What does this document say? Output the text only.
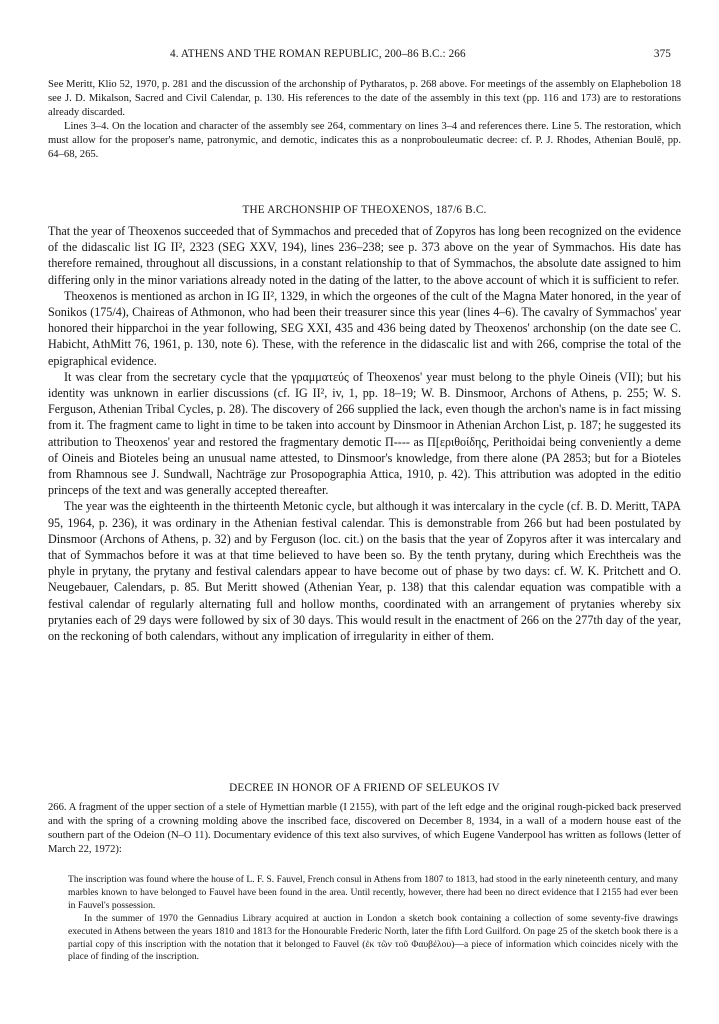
4. ATHENS AND THE ROMAN REPUBLIC, 200–86 B.C.: 266	375

See Meritt, Klio 52, 1970, p. 281 and the discussion of the archonship of Pytharatos, p. 268 above. For meetings of the assembly on Elaphebolion 18 see J. D. Mikalson, Sacred and Civil Calendar, p. 130. His references to the date of the assembly in this text (pp. 116 and 173) are to restorations already discarded.

Lines 3–4. On the location and character of the assembly see 264, commentary on lines 3–4 and references there. Line 5. The restoration, which must allow for the proposer's name, patronymic, and demotic, indicates this as a nonprobouleumatic decree: cf. P. J. Rhodes, Athenian Boulē, pp. 64–68, 265.

THE ARCHONSHIP OF THEOXENOS, 187/6 B.C.

That the year of Theoxenos succeeded that of Symmachos and preceded that of Zopyros has long been recognized on the evidence of the didascalic list IG II², 2323 (SEG XXV, 194), lines 236–238; see p. 373 above on the year of Symmachos. His date has therefore remained, throughout all discussions, in a constant relationship to that of Symmachos, the absolute date assigned to him differing only in the minor variations already noted in the dating of the latter, to the above account of which it is sufficient to refer.

Theoxenos is mentioned as archon in IG II², 1329, in which the orgeones of the cult of the Magna Mater honored, in the year of Sonikos (175/4), Chaireas of Athmonon, who had been their treasurer since this year (lines 4–6). The cavalry of Symmachos' year honored their hipparchoi in the year following, SEG XXI, 435 and 436 being dated by Theoxenos' archonship (on the date see C. Habicht, AthMitt 76, 1961, p. 130, note 6). These, with the reference in the didascalic list and with 266, comprise the total of the epigraphical evidence.

It was clear from the secretary cycle that the γραμματεύς of Theoxenos' year must belong to the phyle Oineis (VII); but his identity was unknown in earlier discussions (cf. IG II², iv, 1, pp. 18–19; W. B. Dinsmoor, Archons of Athens, p. 255; W. S. Ferguson, Athenian Tribal Cycles, p. 28). The discovery of 266 supplied the lack, even though the archon's name is in fact missing from it. The fragment came to light in time to be taken into account by Dinsmoor in Athenian Archon List, p. 187; he suggested its attribution to Theoxenos' year and restored the fragmentary demotic Π---- as Π[εριθοίδης, Perithoidai being conveniently a deme of Oineis and Bioteles being an unusual name attested, to Dinsmoor's knowledge, from there alone (PA 2853; but for a Bioteles from Rhamnous see J. Sundwall, Nachträge zur Prosopographia Attica, 1910, p. 42). This attribution was adopted in the editio princeps of the text and was generally accepted thereafter.

The year was the eighteenth in the thirteenth Metonic cycle, but although it was intercalary in the cycle (cf. B. D. Meritt, TAPA 95, 1964, p. 236), it was ordinary in the Athenian festival calendar. This is demonstrable from 266 but had been postulated by Dinsmoor (Archons of Athens, p. 32) and by Ferguson (loc. cit.) on the basis that the year of Zopyros after it was intercalary and that of Symmachos before it was at that time believed to have been so. By the tenth prytany, during which Erechtheis was the phyle in prytany, the prytany and festival calendars appear to have become out of phase by two days: cf. W. K. Pritchett and O. Neugebauer, Calendars, p. 85. But Meritt showed (Athenian Year, p. 138) that this calendar equation was compatible with a festival calendar of regularly alternating full and hollow months, coordinated with an arrangement of prytanies whereby six prytanies each of 29 days were followed by six of 30 days. This would result in the enactment of 266 on the 277th day of the year, on the reckoning of both calendars, without any implication of irregularity in either of them.

DECREE IN HONOR OF A FRIEND OF SELEUKOS IV

266. A fragment of the upper section of a stele of Hymettian marble (I 2155), with part of the left edge and the original rough-picked back preserved and with the spring of a crowning molding above the inscribed face, discovered on December 8, 1934, in a wall of a modern house east of the southern part of the Odeion (N–O 11). Documentary evidence of this text also survives, of which Eugene Vanderpool has written as follows (letter of March 22, 1972):

The inscription was found where the house of L. F. S. Fauvel, French consul in Athens from 1807 to 1813, had stood in the early nineteenth century, and many marbles known to have belonged to Fauvel have been found in the area. Until recently, however, there had been no direct evidence that I 2155 had ever been in Fauvel's possession.

In the summer of 1970 the Gennadius Library acquired at auction in London a sketch book containing a collection of some seventy-five drawings executed in Athens between the years 1810 and 1813 for the Honourable Frederic North, later the fifth Lord Guilford. On page 25 of the sketch book there is a partial copy of this inscription with the notation that it belonged to Fauvel (ἐκ τῶν τοῦ Φαυβέλου)—a piece of information which coincides nicely with the place of finding of the inscription.
